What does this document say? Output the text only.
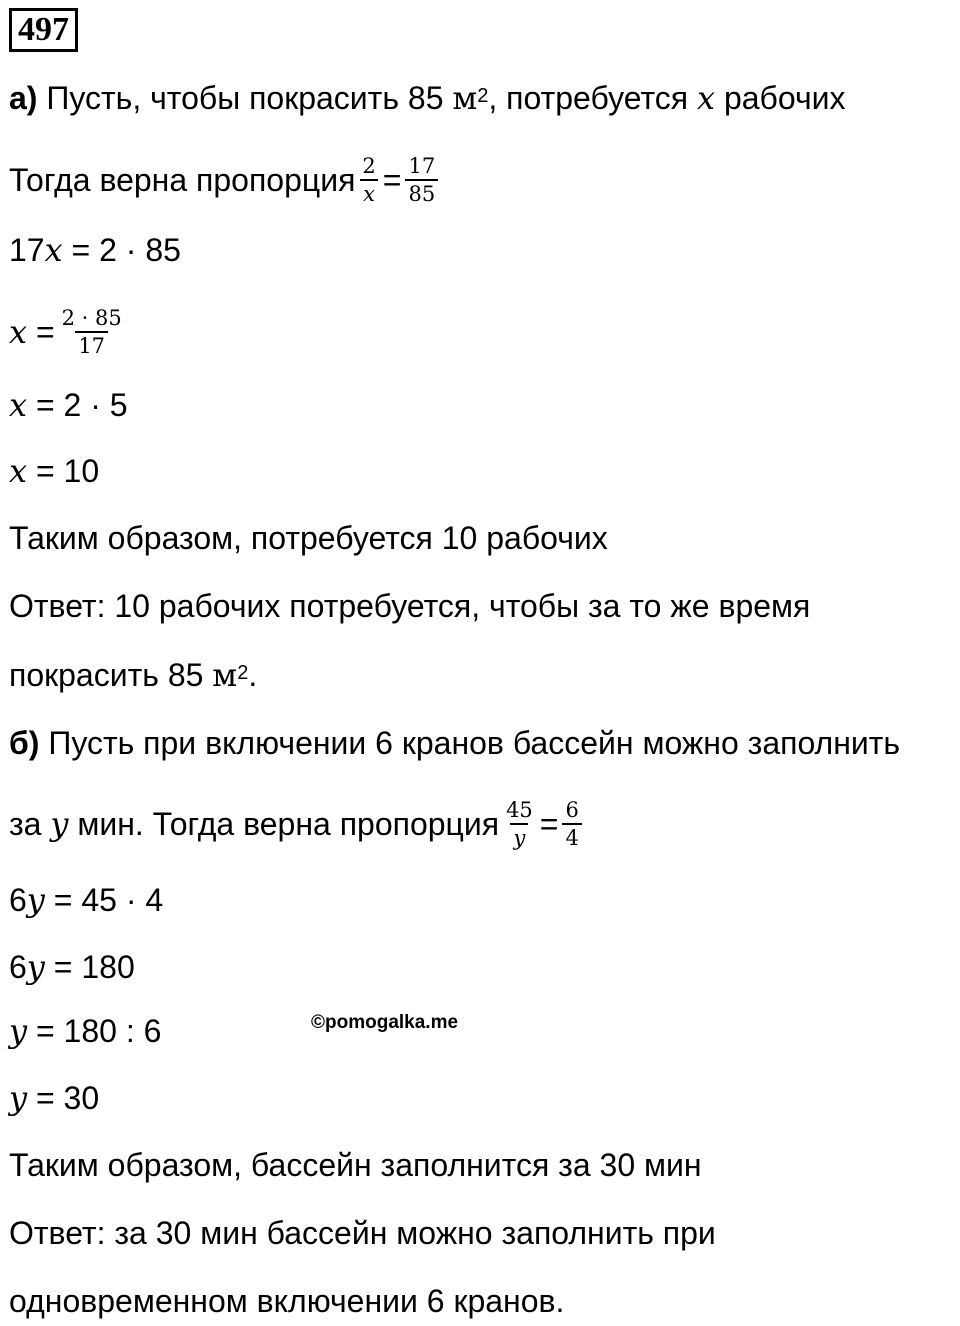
497
а)
Пусть, чтобы покрасить 85
$м^2$ , потребуется
𝑥
рабочих
Тогда верна пропорция $\frac{2}{\text{𝑥}} = \frac{17}{85}$
17 𝑥
= 2 · 85
𝑥
= $\frac{2 \cdot 85}{17}$
𝑥
= 2 · 5
𝑥
= 10
Таким образом, потребуется 10 рабочих
Ответ: 10 рабочих потребуется, чтобы за то же время
покрасить 85
$м^2$ .
б)
Пусть при включении 6 кранов бассейн можно заполнить
за
𝑦
мин. Тогда верна пропорция $\frac{45}{\text{𝑦}} = \frac{6}{4}$
6 𝑦
= 45 · 4
6 𝑦
= 180
𝑦
= 180 : 6
𝑦
= 30
Таким образом, бассейн заполнится за 30 мин
Ответ: за 30 мин бассейн можно заполнить при
одновременном включении 6 кранов.
©pomogalka.me
